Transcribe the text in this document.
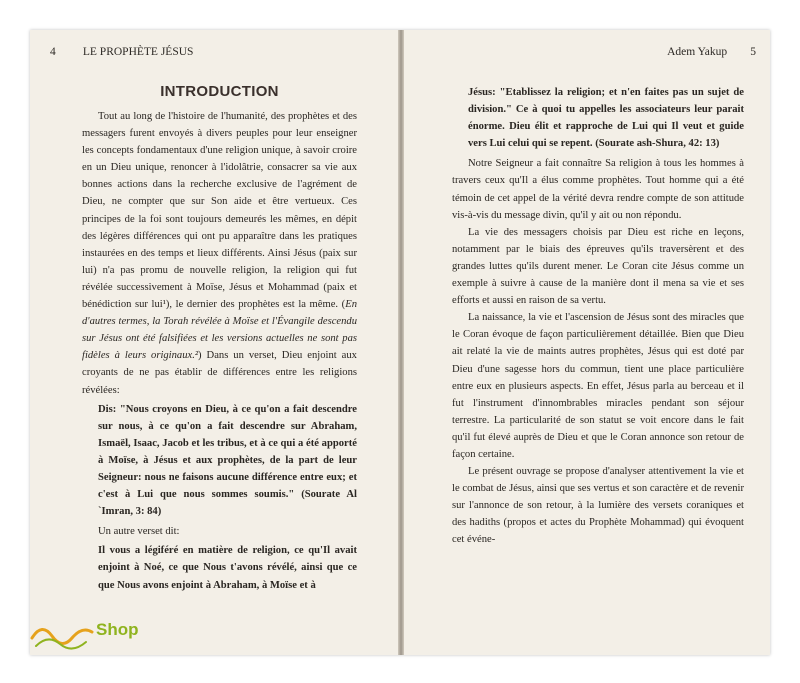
4 LE PROPHÈTE JÉSUS	Adem Yakup 5
INTRODUCTION

Tout au long de l'histoire de l'humanité, des prophètes et des messagers furent envoyés à divers peuples pour leur enseigner les concepts fondamentaux d'une religion unique, à savoir croire en un Dieu unique, renoncer à l'idolâtrie, consacrer sa vie aux bonnes actions dans la recherche exclusive de l'agrément de Dieu, ne compter que sur Son aide et être vertueux. Ces principes de la foi sont toujours demeurés les mêmes, en dépit des légères différences qui ont pu apparaître dans les pratiques instaurées en des temps et lieux différents. Ainsi Jésus (paix sur lui) n'a pas promu de nouvelle religion, la religion qui fut révélée successivement à Moïse, Jésus et Mohammad (paix et bénédiction sur lui¹), le dernier des prophètes est la même. (En d'autres termes, la Torah révélée à Moïse et l'Évangile descendu sur Jésus ont été falsifiées et les versions actuelles ne sont pas fidèles à leurs originaux.²) Dans un verset, Dieu enjoint aux croyants de ne pas établir de différences entre les religions révélées:

Dis: "Nous croyons en Dieu, à ce qu'on a fait descendre sur nous, à ce qu'on a fait descendre sur Abraham, Ismaël, Isaac, Jacob et les tribus, et à ce qui a été apporté à Moïse, à Jésus et aux prophètes, de la part de leur Seigneur: nous ne faisons aucune différence entre eux; et c'est à Lui que nous sommes soumis." (Sourate Al `Imran, 3: 84)

Un autre verset dit:

Il vous a légiféré en matière de religion, ce qu'Il avait enjoint à Noé, ce que Nous t'avons révélé, ainsi que ce que Nous avons enjoint à Abraham, à Moïse et à

Jésus: "Etablissez la religion; et n'en faites pas un sujet de division." Ce à quoi tu appelles les associateurs leur parait énorme. Dieu élit et rapproche de Lui qui Il veut et guide vers Lui celui qui se repent. (Sourate ash-Shura, 42: 13)

Notre Seigneur a fait connaître Sa religion à tous les hommes à travers ceux qu'Il a élus comme prophètes. Tout homme qui a été témoin de cet appel de la vérité devra rendre compte de son attitude vis-à-vis du message divin, qu'il y ait ou non répondu.

La vie des messagers choisis par Dieu est riche en leçons, notamment par le biais des épreuves qu'ils traversèrent et des grandes luttes qu'ils durent mener. Le Coran cite Jésus comme un exemple à suivre à cause de la manière dont il mena sa vie et ses efforts et aussi en raison de sa vertu.

La naissance, la vie et l'ascension de Jésus sont des miracles que le Coran évoque de façon particulièrement détaillée. Bien que Dieu ait relaté la vie de maints autres prophètes, Jésus qui est doté par Dieu d'une sagesse hors du commun, tient une place particulière entre eux en plusieurs aspects. En effet, Jésus parla au berceau et il fut l'instrument d'innombrables miracles pendant son séjour terrestre. La particularité de son statut se voit encore dans le fait qu'il fut élevé auprès de Dieu et que le Coran annonce son retour de façon certaine.

Le présent ouvrage se propose d'analyser attentivement la vie et le combat de Jésus, ainsi que ses vertus et son caractère et de revenir sur l'annonce de son retour, à la lumière des versets coraniques et des hadiths (propos et actes du Prophète Mohammad) qui évoquent cet événe-

Shop
